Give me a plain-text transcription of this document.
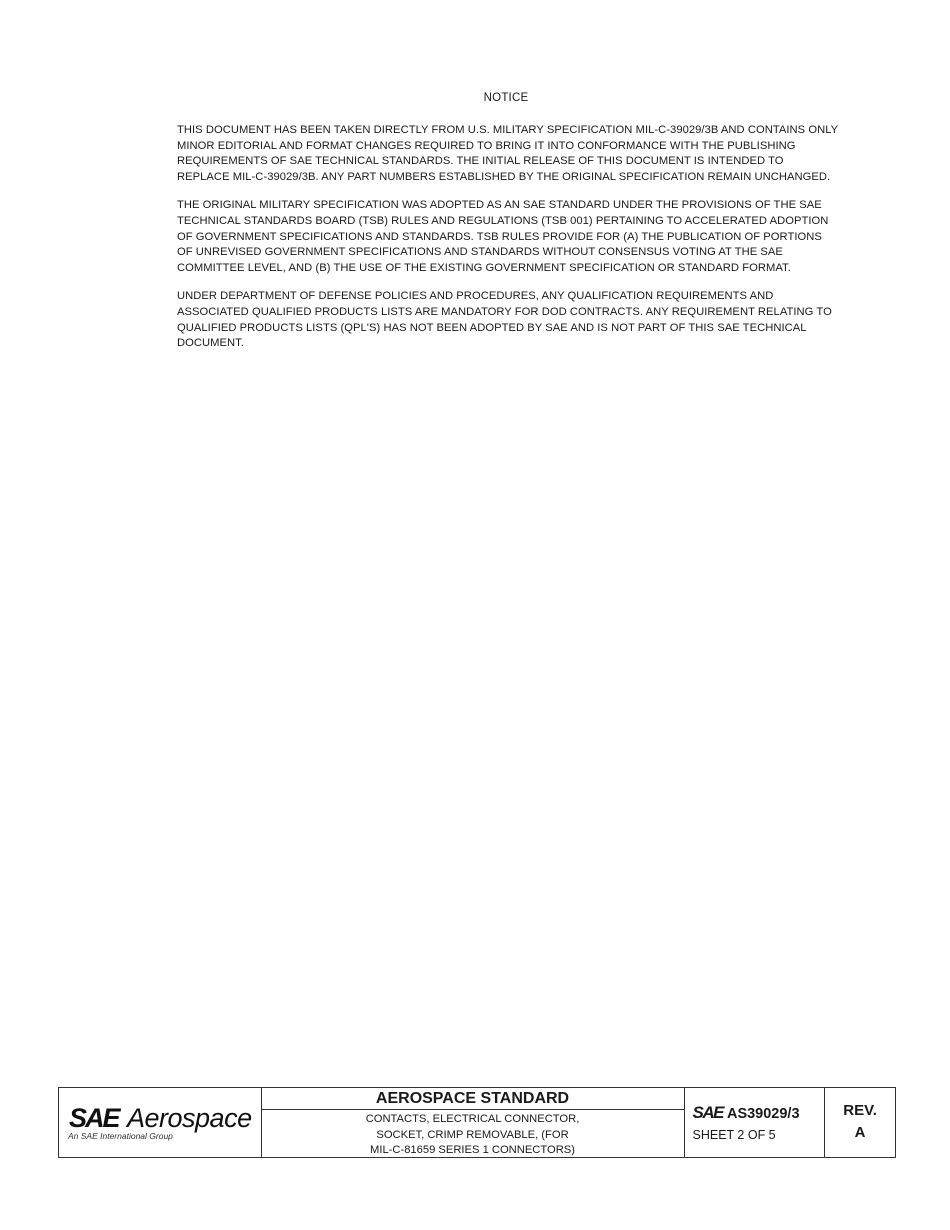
NOTICE

THIS DOCUMENT HAS BEEN TAKEN DIRECTLY FROM U.S. MILITARY SPECIFICATION MIL-C-39029/3B AND CONTAINS ONLY MINOR EDITORIAL AND FORMAT CHANGES REQUIRED TO BRING IT INTO CONFORMANCE WITH THE PUBLISHING REQUIREMENTS OF SAE TECHNICAL STANDARDS. THE INITIAL RELEASE OF THIS DOCUMENT IS INTENDED TO REPLACE MIL-C-39029/3B. ANY PART NUMBERS ESTABLISHED BY THE ORIGINAL SPECIFICATION REMAIN UNCHANGED.

THE ORIGINAL MILITARY SPECIFICATION WAS ADOPTED AS AN SAE STANDARD UNDER THE PROVISIONS OF THE SAE TECHNICAL STANDARDS BOARD (TSB) RULES AND REGULATIONS (TSB 001) PERTAINING TO ACCELERATED ADOPTION OF GOVERNMENT SPECIFICATIONS AND STANDARDS. TSB RULES PROVIDE FOR (A) THE PUBLICATION OF PORTIONS OF UNREVISED GOVERNMENT SPECIFICATIONS AND STANDARDS WITHOUT CONSENSUS VOTING AT THE SAE COMMITTEE LEVEL, AND (B) THE USE OF THE EXISTING GOVERNMENT SPECIFICATION OR STANDARD FORMAT.

UNDER DEPARTMENT OF DEFENSE POLICIES AND PROCEDURES, ANY QUALIFICATION REQUIREMENTS AND ASSOCIATED QUALIFIED PRODUCTS LISTS ARE MANDATORY FOR DOD CONTRACTS. ANY REQUIREMENT RELATING TO QUALIFIED PRODUCTS LISTS (QPL'S) HAS NOT BEEN ADOPTED BY SAE AND IS NOT PART OF THIS SAE TECHNICAL DOCUMENT.

SAE Aerospace
An SAE International Group
AEROSPACE STANDARD
CONTACTS, ELECTRICAL CONNECTOR,
SOCKET, CRIMP REMOVABLE, (FOR
MIL-C-81659 SERIES 1 CONNECTORS)
SAE AS39029/3
SHEET 2 OF 5
REV.
A
